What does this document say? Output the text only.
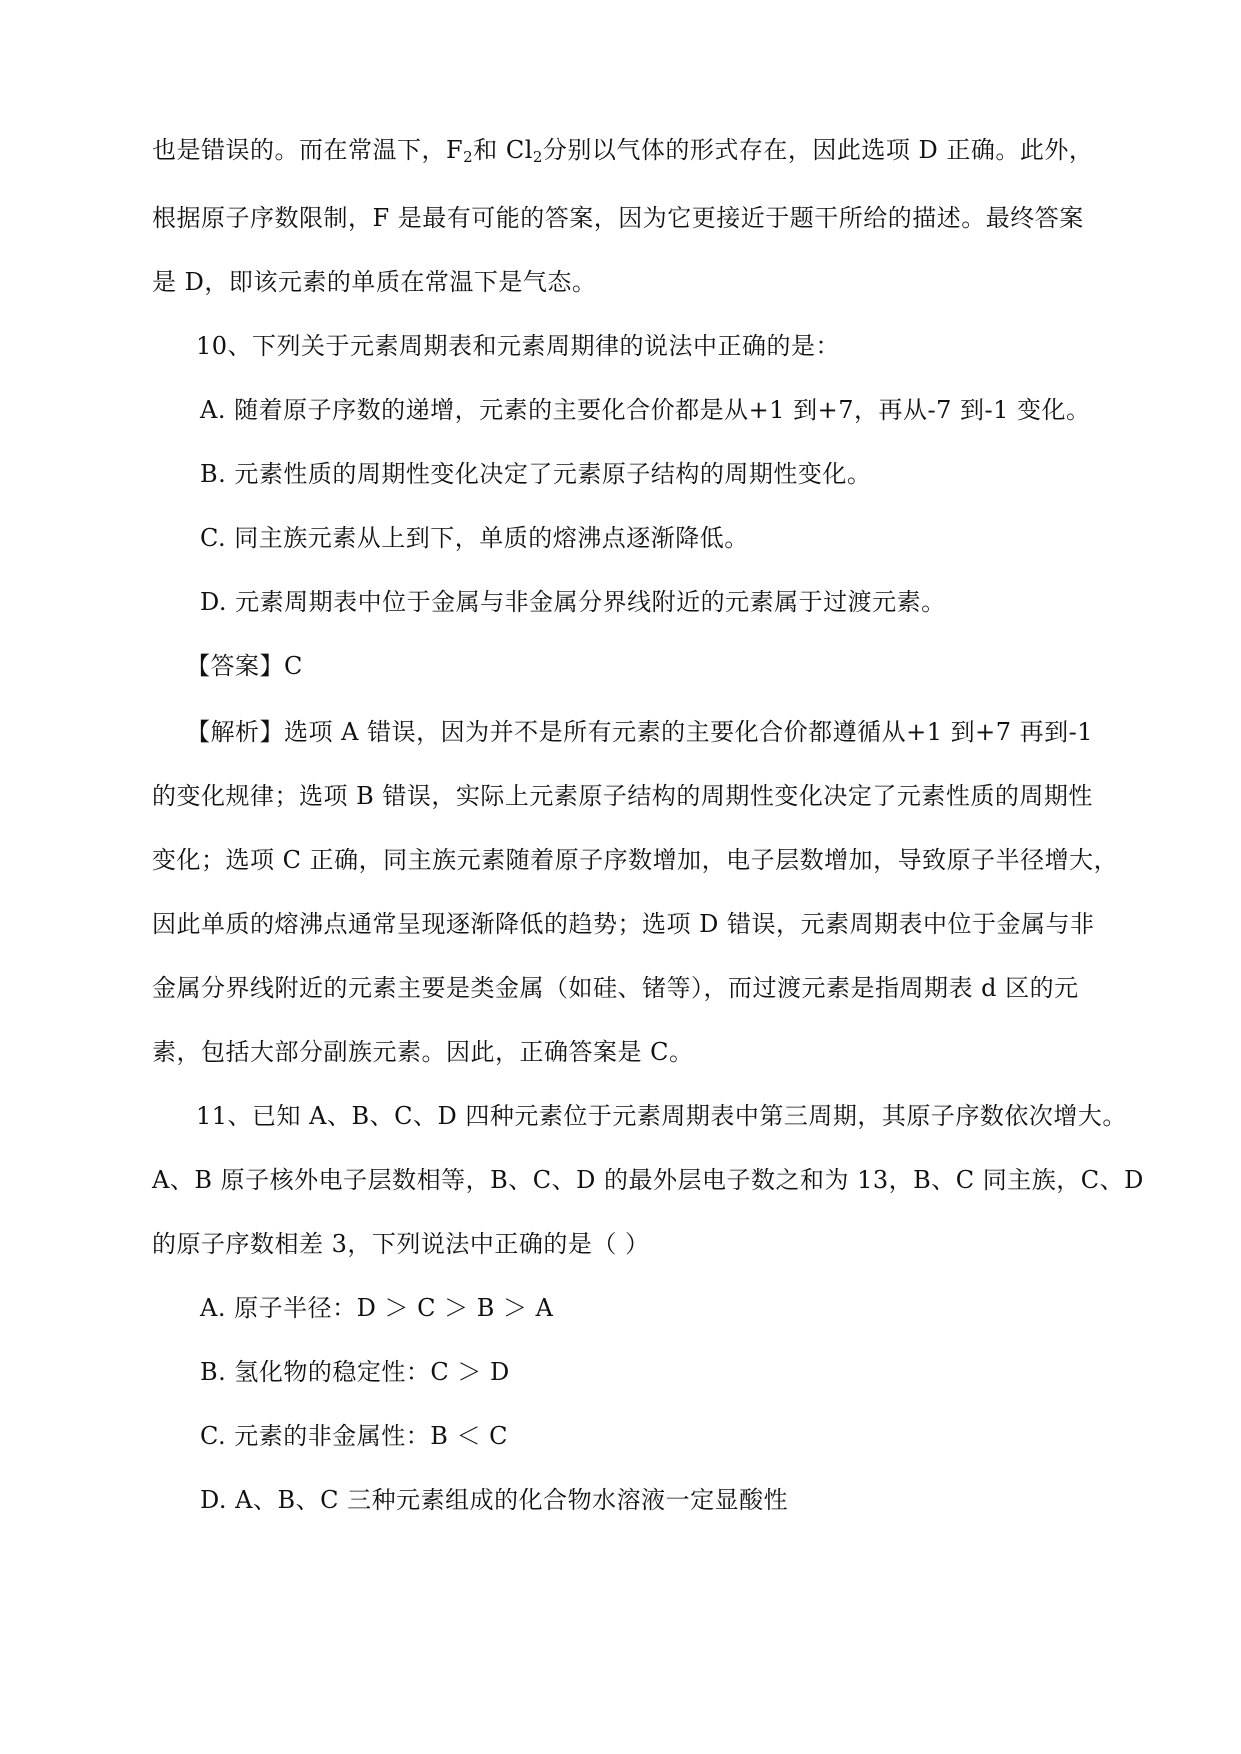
也是错误的。而在常温下，$F_2$和 $Cl_2$分别以气体的形式存在，因此选项 D 正确。此外，
根据原子序数限制，F 是最有可能的答案，因为它更接近于题干所给的描述。最终答案
是 D，即该元素的单质在常温下是气态。
10、下列关于元素周期表和元素周期律的说法中正确的是：
A. 随着原子序数的递增，元素的主要化合价都是从+1 到+7，再从-7 到-1 变化。
B. 元素性质的周期性变化决定了元素原子结构的周期性变化。
C. 同主族元素从上到下，单质的熔沸点逐渐降低。
D. 元素周期表中位于金属与非金属分界线附近的元素属于过渡元素。
【答案】C
【解析】选项 A 错误，因为并不是所有元素的主要化合价都遵循从+1 到+7 再到-1
的变化规律；选项 B 错误，实际上元素原子结构的周期性变化决定了元素性质的周期性
变化；选项 C 正确，同主族元素随着原子序数增加，电子层数增加，导致原子半径增大，
因此单质的熔沸点通常呈现逐渐降低的趋势；选项 D 错误，元素周期表中位于金属与非
金属分界线附近的元素主要是类金属（如硅、锗等），而过渡元素是指周期表 d 区的元
素，包括大部分副族元素。因此，正确答案是 C。
11、已知 A、B、C、D 四种元素位于元素周期表中第三周期，其原子序数依次增大。
A、B 原子核外电子层数相等，B、C、D 的最外层电子数之和为 13，B、C 同主族，C、D
的原子序数相差 3，下列说法中正确的是（ ）
A. 原子半径：D ＞ C ＞ B ＞ A
B. 氢化物的稳定性：C ＞ D
C. 元素的非金属性：B ＜ C
D. A、B、C 三种元素组成的化合物水溶液一定显酸性
